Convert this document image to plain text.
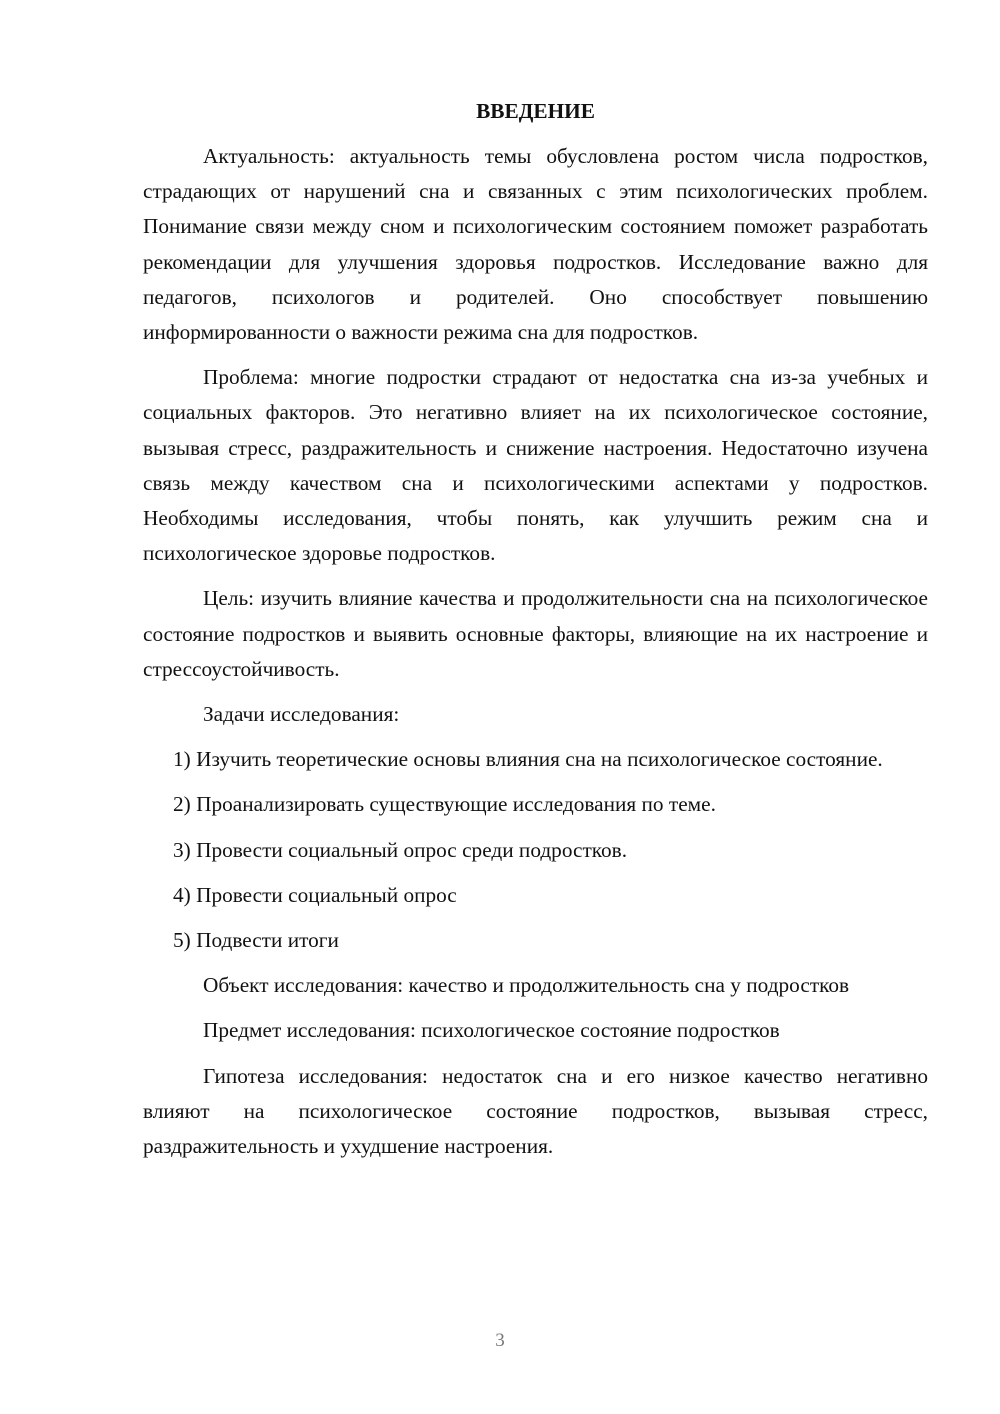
ВВЕДЕНИЕ

Актуальность: актуальность темы обусловлена ростом числа подростков, страдающих от нарушений сна и связанных с этим психологических проблем. Понимание связи между сном и психологическим состоянием поможет разработать рекомендации для улучшения здоровья подростков. Исследование важно для педагогов, психологов и родителей. Оно способствует повышению информированности о важности режима сна для подростков.

Проблема: многие подростки страдают от недостатка сна из-за учебных и социальных факторов. Это негативно влияет на их психологическое состояние, вызывая стресс, раздражительность и снижение настроения. Недостаточно изучена связь между качеством сна и психологическими аспектами у подростков. Необходимы исследования, чтобы понять, как улучшить режим сна и психологическое здоровье подростков.

Цель: изучить влияние качества и продолжительности сна на психологическое состояние подростков и выявить основные факторы, влияющие на их настроение и стрессоустойчивость.

Задачи исследования:

1) Изучить теоретические основы влияния сна на психологическое состояние.

2) Проанализировать существующие исследования по теме.

3) Провести социальный опрос среди подростков.

4) Провести социальный опрос

5) Подвести итоги

Объект исследования: качество и продолжительность сна у подростков

Предмет исследования: психологическое состояние подростков

Гипотеза исследования: недостаток сна и его низкое качество негативно влияют на психологическое состояние подростков, вызывая стресс, раздражительность и ухудшение настроения.

3
